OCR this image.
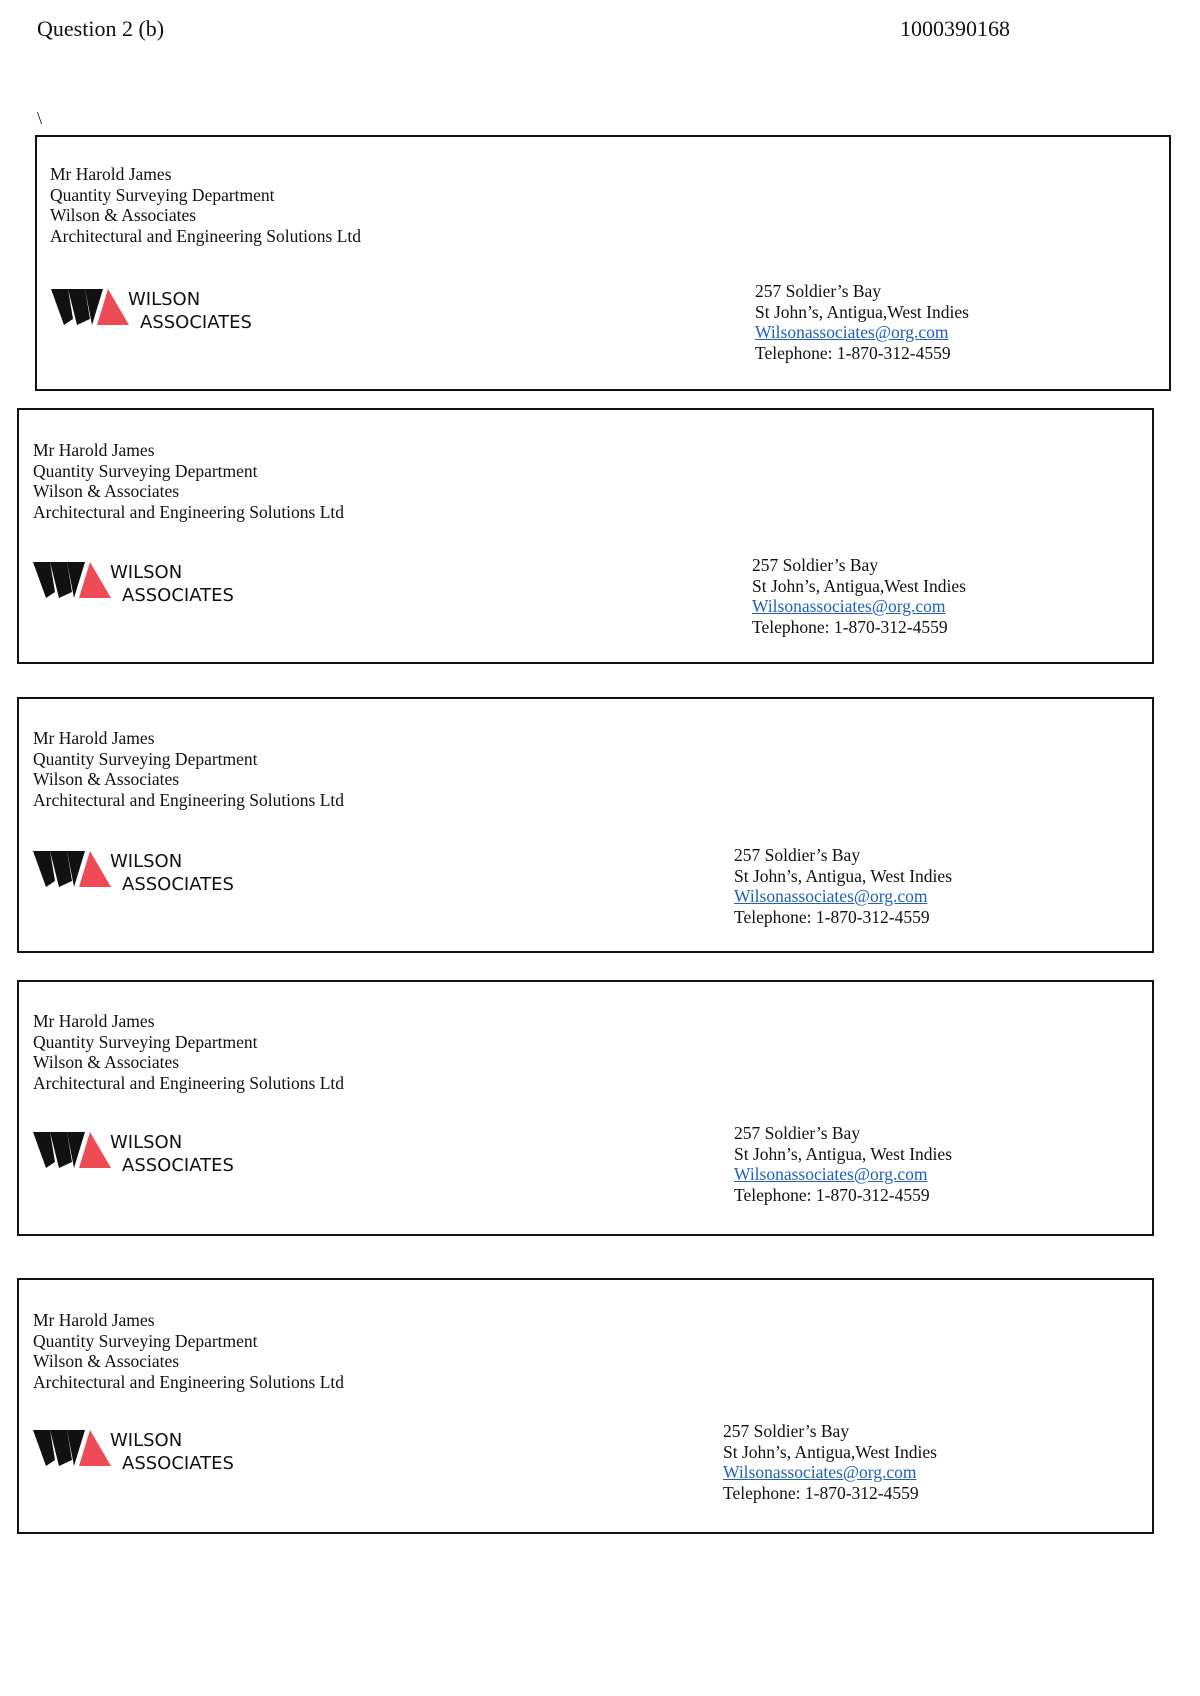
Question 2 (b)	1000390168
\
Mr Harold James
Quantity Surveying Department
Wilson & Associates
Architectural and Engineering Solutions Ltd
WILSON
ASSOCIATES
257 Soldier’s Bay
St John’s, Antigua,West Indies
Wilsonassociates@org.com
Telephone: 1-870-312-4559
Mr Harold James
Quantity Surveying Department
Wilson & Associates
Architectural and Engineering Solutions Ltd
WILSON
ASSOCIATES
257 Soldier’s Bay
St John’s, Antigua,West Indies
Wilsonassociates@org.com
Telephone: 1-870-312-4559
Mr Harold James
Quantity Surveying Department
Wilson & Associates
Architectural and Engineering Solutions Ltd
WILSON
ASSOCIATES
257 Soldier’s Bay
St John’s, Antigua, West Indies
Wilsonassociates@org.com
Telephone: 1-870-312-4559
Mr Harold James
Quantity Surveying Department
Wilson & Associates
Architectural and Engineering Solutions Ltd
WILSON
ASSOCIATES
257 Soldier’s Bay
St John’s, Antigua, West Indies
Wilsonassociates@org.com
Telephone: 1-870-312-4559
Mr Harold James
Quantity Surveying Department
Wilson & Associates
Architectural and Engineering Solutions Ltd
WILSON
ASSOCIATES
257 Soldier’s Bay
St John’s, Antigua,West Indies
Wilsonassociates@org.com
Telephone: 1-870-312-4559
